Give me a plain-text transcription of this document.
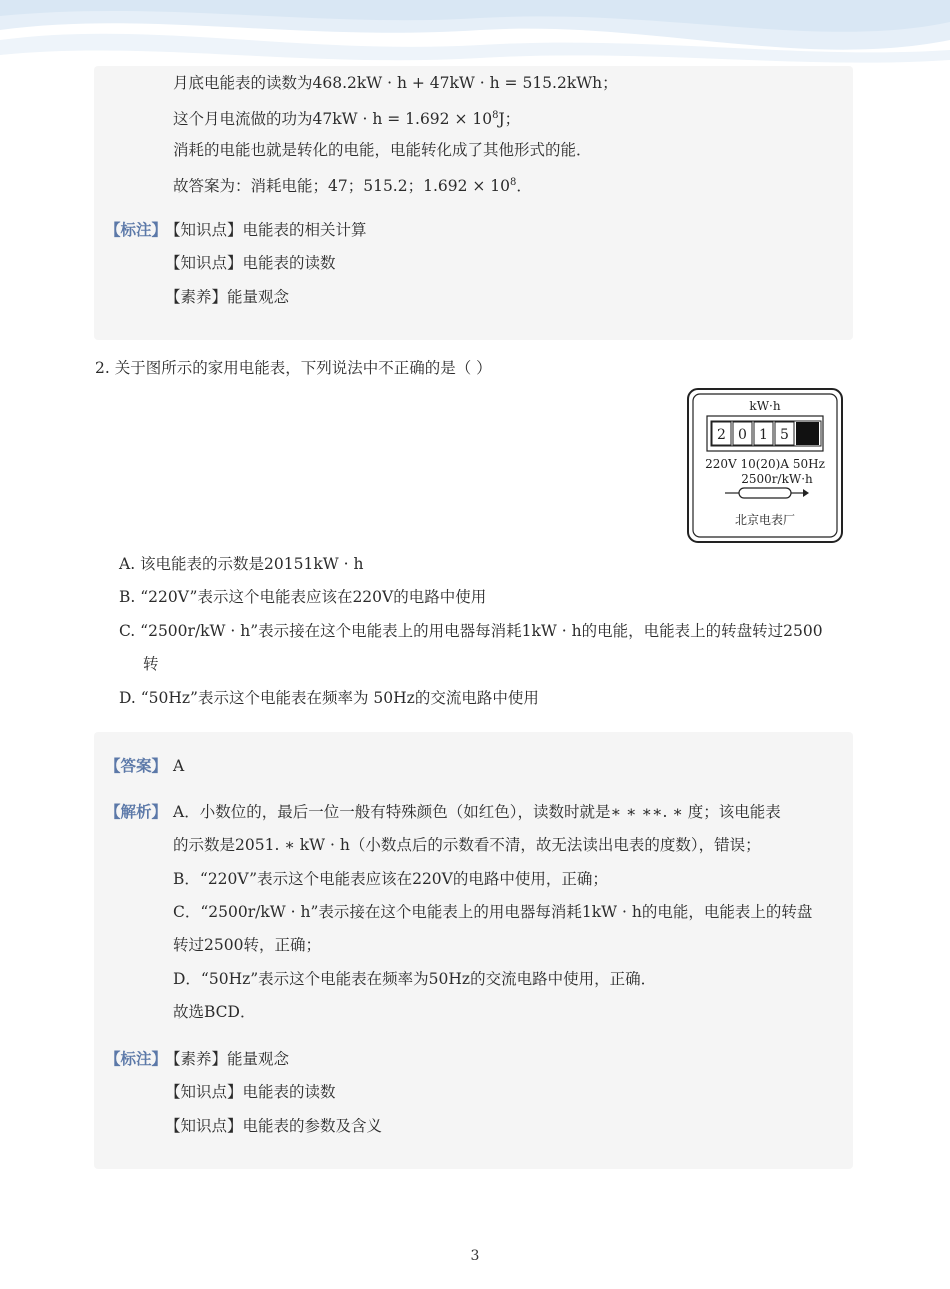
月底电能表的读数为468.2kW · h + 47kW · h = 515.2kWh；
这个月电流做的功为$47kW \cdot h = 1.692 \times 10^8J$；
消耗的电能也就是转化的电能，电能转化成了其他形式的能．
故答案为：消耗电能；47；515.2；$1.692 \times 10^8$．
【标注】
【知识点】电能表的相关计算
【知识点】电能表的读数
【素养】能量观念
2. 关于图所示的家用电能表，下列说法中不正确的是（ ）
kW·h
2 0 1 5
220V 10(20)A 50Hz
2500r/kW·h
北京电表厂
A. 该电能表的示数是20151kW · h
B. “220V”表示这个电能表应该在220V的电路中使用
C. “2500r/kW · h”表示接在这个电能表上的用电器每消耗1kW · h的电能，电能表上的转盘转过2500
转
D. “50Hz”表示这个电能表在频率为 50Hz的交流电路中使用
【答案】 A
【解析】 A．小数位的，最后一位一般有特殊颜色（如红色），读数时就是∗ ∗ ∗∗. ∗ 度；该电能表
的示数是2051. ∗ kW · h（小数点后的示数看不清，故无法读出电表的度数），错误；
B．“220V”表示这个电能表应该在220V的电路中使用，正确；
C．“2500r/kW · h”表示接在这个电能表上的用电器每消耗1kW · h的电能，电能表上的转盘
转过2500转，正确；
D．“50Hz”表示这个电能表在频率为50Hz的交流电路中使用，正确．
故选BCD．
【标注】
【素养】能量观念
【知识点】电能表的读数
【知识点】电能表的参数及含义
3
